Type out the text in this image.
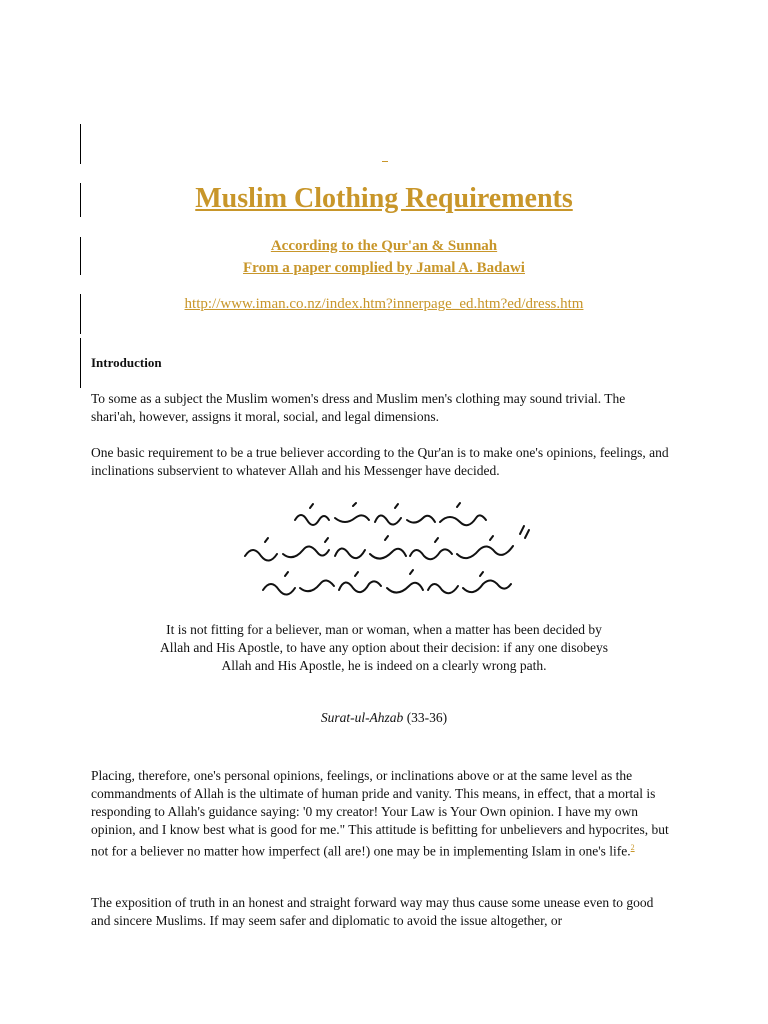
Muslim Clothing Requirements
According to the Qur'an & Sunnah
From a paper complied by Jamal A. Badawi
http://www.iman.co.nz/index.htm?innerpage_ed.htm?ed/dress.htm
Introduction

To some as a subject the Muslim women's dress and Muslim men's clothing may sound trivial. The shari'ah, however, assigns it moral, social, and legal dimensions.

One basic requirement to be a true believer according to the Qur'an is to make one's opinions, feelings, and inclinations subservient to whatever Allah and his Messenger have decided.

It is not fitting for a believer, man or woman, when a matter has been decided by Allah and His Apostle, to have any option about their decision: if any one disobeys Allah and His Apostle, he is indeed on a clearly wrong path.

Surat-ul-Ahzab (33-36)

Placing, therefore, one's personal opinions, feelings, or inclinations above or at the same level as the commandments of Allah is the ultimate of human pride and vanity. This means, in effect, that a mortal is responding to Allah's guidance saying: '0 my creator! Your Law is Your Own opinion. I have my own opinion, and I know best what is good for me." This attitude is befitting for unbelievers and hypocrites, but not for a believer no matter how imperfect (all are!) one may be in implementing Islam in one's life.$^2$

The exposition of truth in an honest and straight forward way may thus cause some unease even to good and sincere Muslims. If may seem safer and diplomatic to avoid the issue altogether, or
